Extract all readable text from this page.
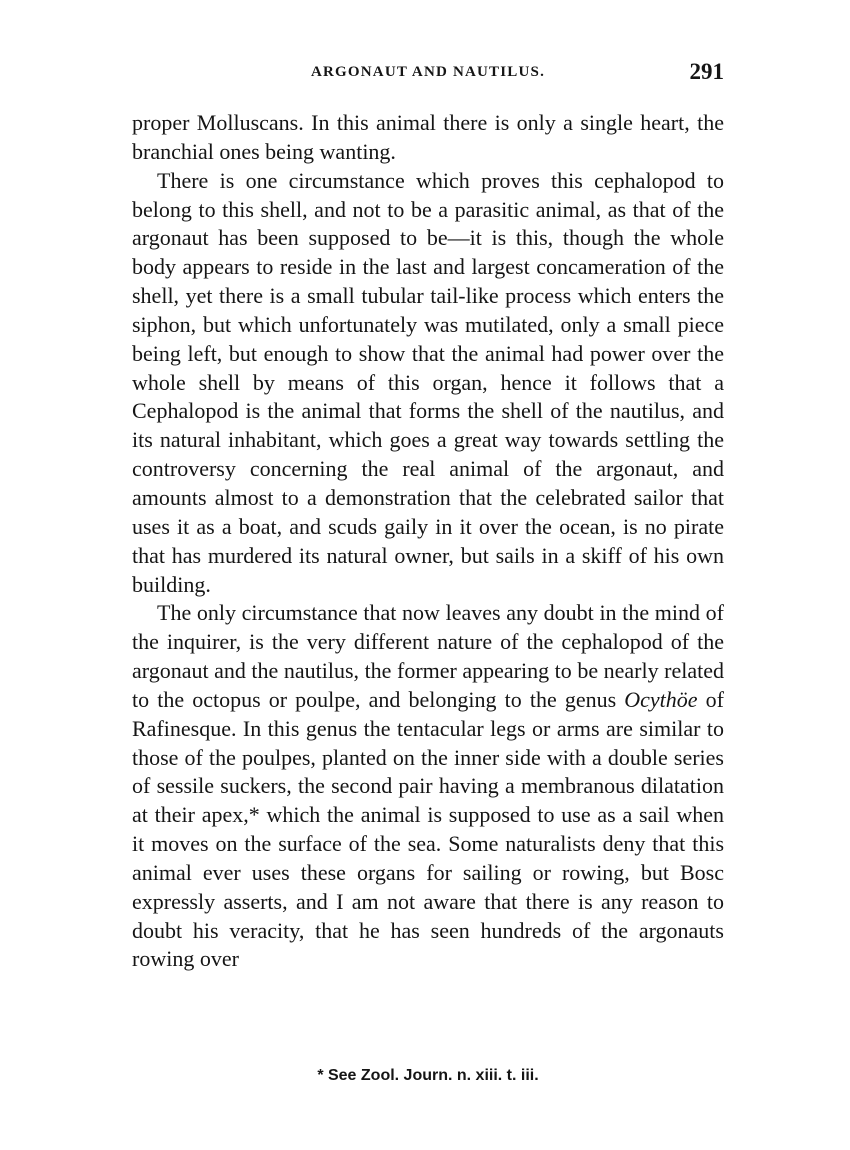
ARGONAUT AND NAUTILUS.	291

proper Molluscans. In this animal there is only a single heart, the branchial ones being wanting.

There is one circumstance which proves this cephalopod to belong to this shell, and not to be a parasitic animal, as that of the argonaut has been supposed to be—it is this, though the whole body appears to reside in the last and largest concameration of the shell, yet there is a small tubular tail-like process which enters the siphon, but which unfortunately was mutilated, only a small piece being left, but enough to show that the animal had power over the whole shell by means of this organ, hence it follows that a Cephalopod is the animal that forms the shell of the nautilus, and its natural inhabitant, which goes a great way towards settling the controversy concerning the real animal of the argonaut, and amounts almost to a demonstration that the celebrated sailor that uses it as a boat, and scuds gaily in it over the ocean, is no pirate that has murdered its natural owner, but sails in a skiff of his own building.

The only circumstance that now leaves any doubt in the mind of the inquirer, is the very different nature of the cephalopod of the argonaut and the nautilus, the former appearing to be nearly related to the octopus or poulpe, and belonging to the genus Ocythöe of Rafinesque. In this genus the tentacular legs or arms are similar to those of the poulpes, planted on the inner side with a double series of sessile suckers, the second pair having a membranous dilatation at their apex,* which the animal is supposed to use as a sail when it moves on the surface of the sea. Some naturalists deny that this animal ever uses these organs for sailing or rowing, but Bosc expressly asserts, and I am not aware that there is any reason to doubt his veracity, that he has seen hundreds of the argonauts rowing over

* See Zool. Journ. n. xiii. t. iii.
